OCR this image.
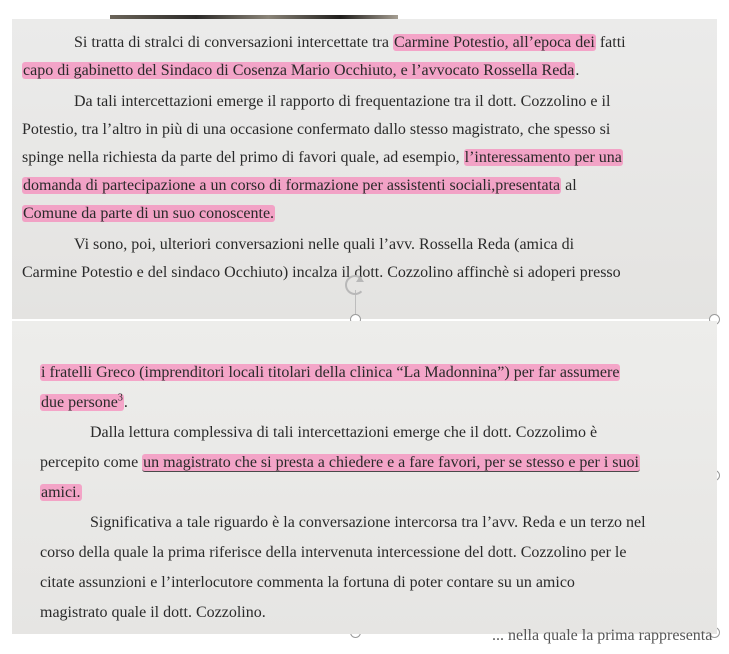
Si tratta di stralci di conversazioni intercettate tra Carmine Potestio, all’epoca dei fatti
capo di gabinetto del Sindaco di Cosenza Mario Occhiuto, e l’avvocato Rossella Reda.
Da tali intercettazioni emerge il rapporto di frequentazione tra il dott. Cozzolino e il
Potestio, tra l’altro in più di una occasione confermato dallo stesso magistrato, che spesso si
spinge nella richiesta da parte del primo di favori quale, ad esempio, l’interessamento per una
domanda di partecipazione a un corso di formazione per assistenti sociali,presentata al
Comune da parte di un suo conoscente.
Vi sono, poi, ulteriori conversazioni nelle quali l’avv. Rossella Reda (amica di
Carmine Potestio e del sindaco Occhiuto) incalza il dott. Cozzolino affinchè si adoperi presso
i fratelli Greco (imprenditori locali titolari della clinica “La Madonnina”) per far assumere
due persone$^3$.
Dalla lettura complessiva di tali intercettazioni emerge che il dott. Cozzolimo è
percepito come un magistrato che si presta a chiedere e a fare favori, per se stesso e per i suoi
amici.
Significativa a tale riguardo è la conversazione intercorsa tra l’avv. Reda e un terzo nel
corso della quale la prima riferisce della intervenuta intercessione del dott. Cozzolino per le
citate assunzioni e l’interlocutore commenta la fortuna di poter contare su un amico
magistrato quale il dott. Cozzolino.
... nella quale la prima rappresenta
